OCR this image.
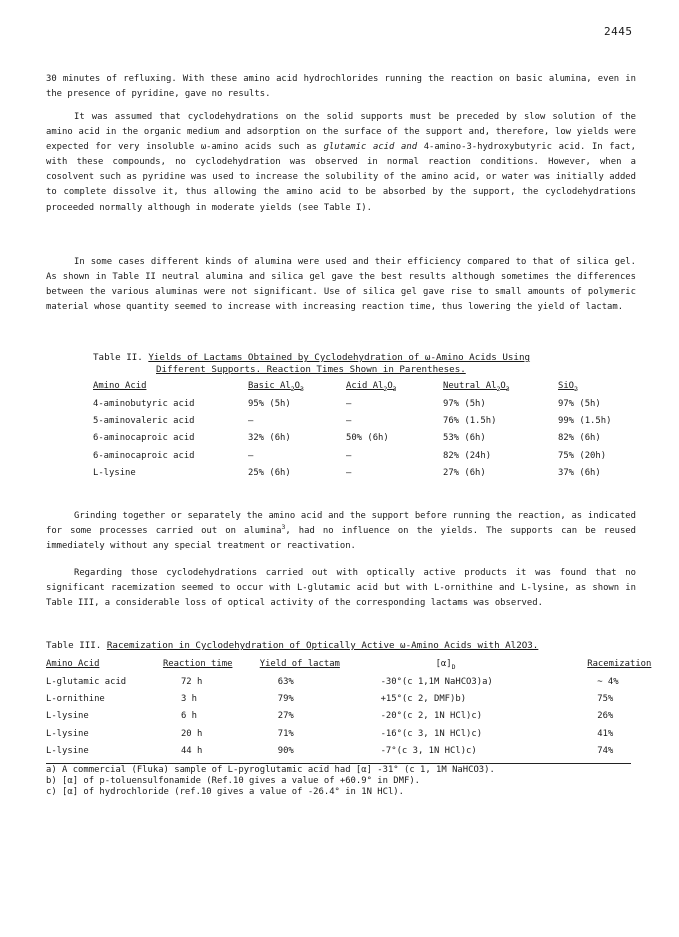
2445

30 minutes of refluxing. With these amino acid hydrochlorides running the reaction on basic alumina, even in the presence of pyridine, gave no results.

It was assumed that cyclodehydrations on the solid supports must be preceded by slow solution of the amino acid in the organic medium and adsorption on the surface of the support and, therefore, low yields were expected for very insoluble ω-amino acids such as glutamic acid and 4-amino-3-hydroxybutyric acid. In fact, with these compounds, no cyclodehydration was observed in normal reaction conditions. However, when a cosolvent such as pyridine was used to increase the solubility of the amino acid, or water was initially added to complete dissolve it, thus allowing the amino acid to be absorbed by the support, the cyclodehydrations proceeded normally although in moderate yields (see Table I).

In some cases different kinds of alumina were used and their efficiency compared to that of silica gel. As shown in Table II neutral alumina and silica gel gave the best results although sometimes the differences between the various aluminas were not significant. Use of silica gel gave rise to small amounts of polymeric material whose quantity seemed to increase with increasing reaction time, thus lowering the yield of lactam.

Table II. Yields of Lactams Obtained by Cyclodehydration of ω-Amino Acids Using
Different Supports. Reaction Times Shown in Parentheses.
Amino Acid	Basic $Al_2O_3$	Acid $Al_2O_3$	Neutral $Al_2O_3$	SiO$_2$
4-aminobutyric acid	95% (5h)	—	97% (5h)	97% (5h)
5-aminovaleric acid	—	—	76% (1.5h)	99% (1.5h)
6-aminocaproic acid	32% (6h)	50% (6h)	53% (6h)	82% (6h)
6-aminocaproic acid	—	—	82% (24h)	75% (20h)
L-lysine	25% (6h)	—	27% (6h)	37% (6h)

Grinding together or separately the amino acid and the support before running the reaction, as indicated for some processes carried out on alumina$^3$, had no influence on the yields. The supports can be reused immediately without any special treatment or reactivation.

Regarding those cyclodehydrations carried out with optically active products it was found that no significant racemization seemed to occur with L-glutamic acid but with L-ornithine and L-lysine, as shown in Table III, a considerable loss of optical activity of the corresponding lactams was observed.

Table III. Racemization in Cyclodehydration of Optically Active ω-Amino Acids with Al2O3.
Amino Acid	Reaction time	Yield of lactam	$[\alpha]_D$	Racemization
L-glutamic acid	72 h	63%	-30°(c 1,1M NaHCO3)a)	~ 4%
L-ornithine	3 h	79%	+15°(c 2, DMF)b)	75%
L-lysine	6 h	27%	-20°(c 2, 1N HCl)c)	26%
L-lysine	20 h	71%	-16°(c 3, 1N HCl)c)	41%
L-lysine	44 h	90%	-7°(c 3, 1N HCl)c)	74%
a) A commercial (Fluka) sample of L-pyroglutamic acid had [α] -31° (c 1, 1M NaHCO3).
b) [α] of p-toluensulfonamide (Ref.10 gives a value of +60.9° in DMF).
c) [α] of hydrochloride (ref.10 gives a value of -26.4° in 1N HCl).
